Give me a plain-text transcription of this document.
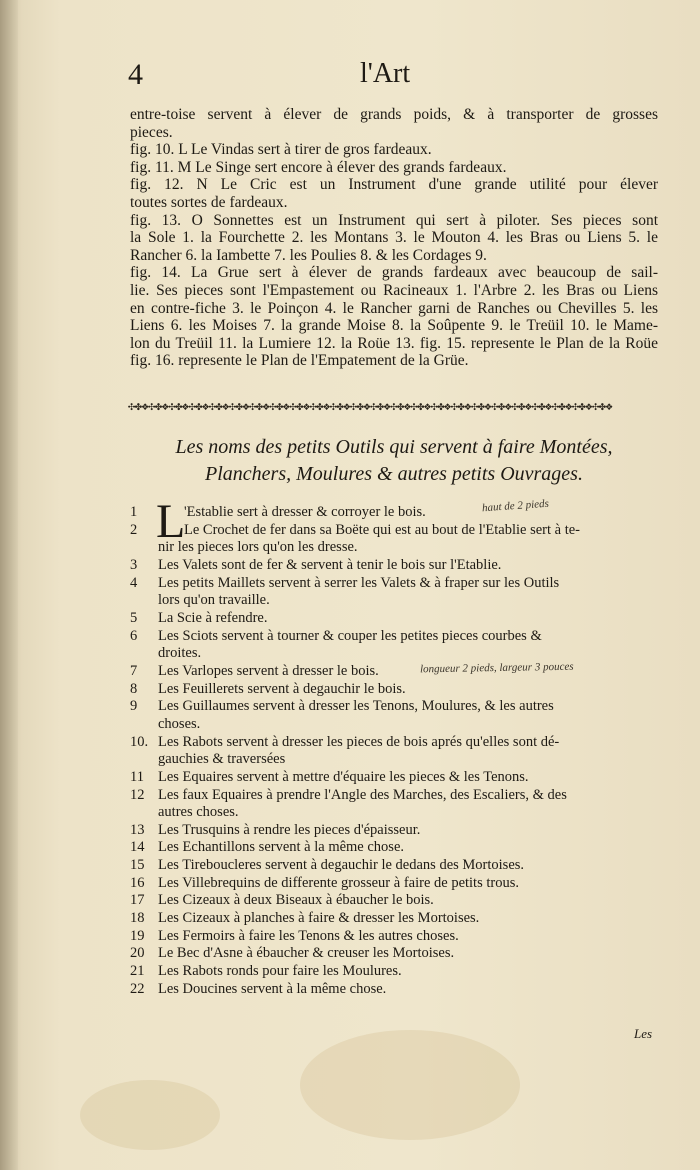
4	l'Art
entre-toise servent à élever de grands poids, & à transporter de grosses
pieces.
fig. 10. L Le Vindas sert à tirer de gros fardeaux.
fig. 11. M Le Singe sert encore à élever des grands fardeaux.
fig. 12. N Le Cric est un Instrument d'une grande utilité pour élever
toutes sortes de fardeaux.
fig. 13. O Sonnettes est un Instrument qui sert à piloter. Ses pieces sont
la Sole 1. la Fourchette 2. les Montans 3. le Mouton 4. les Bras ou Liens 5. le
Rancher 6. la Iambette 7. les Poulies 8. & les Cordages 9.
fig. 14. La Grue sert à élever de grands fardeaux avec beaucoup de sail-
lie. Ses pieces sont l'Empastement ou Racineaux 1. l'Arbre 2. les Bras ou Liens
en contre-fiche 3. le Poinçon 4. le Rancher garni de Ranches ou Chevilles 5. les
Liens 6. les Moises 7. la grande Moise 8. la Soûpente 9. le Treüil 10. le Mame-
lon du Treüil 11. la Lumiere 12. la Roüe 13. fig. 15. represente le Plan de la Roüe
fig. 16. represente le Plan de l'Empatement de la Grüe.
✣✤❖✣✤❖✣✤❖✣✤❖✣✤❖✣✤❖✣✤❖✣✤❖✣✤❖✣✤❖✣✤❖✣✤❖✣✤❖✣✤❖✣✤❖✣✤❖✣✤❖✣✤❖✣✤❖✣✤❖✣✤❖✣✤❖✣✤❖✣✤❖
Les noms des petits Outils qui servent à faire Montées,
Planchers, Moulures & autres petits Ouvrages.
L	haut de 2 pieds
longueur 2 pieds, largeur 3 pouces
1	'Establie sert à dresser & corroyer le bois.
2	Le Crochet de fer dans sa Boëte qui est au bout de l'Etablie sert à te-
nir les pieces lors qu'on les dresse.
3 Les Valets sont de fer & servent à tenir le bois sur l'Etablie.
4 Les petits Maillets servent à serrer les Valets & à fraper sur les Outils
lors qu'on travaille.
5 La Scie à refendre.
6 Les Sciots servent à tourner & couper les petites pieces courbes &
droites.
7 Les Varlopes servent à dresser le bois.
8 Les Feuillerets servent à degauchir le bois.
9 Les Guillaumes servent à dresser les Tenons, Moulures, & les autres
choses.
10. Les Rabots servent à dresser les pieces de bois aprés qu'elles sont dé-
gauchies & traversées
11 Les Equaires servent à mettre d'équaire les pieces & les Tenons.
12 Les faux Equaires à prendre l'Angle des Marches, des Escaliers, & des
autres choses.
13 Les Trusquins à rendre les pieces d'épaisseur.
14 Les Echantillons servent à la même chose.
15 Les Tireboucleres servent à degauchir le dedans des Mortoises.
16 Les Villebrequins de differente grosseur à faire de petits trous.
17 Les Cizeaux à deux Biseaux à ébaucher le bois.
18 Les Cizeaux à planches à faire & dresser les Mortoises.
19 Les Fermoirs à faire les Tenons & les autres choses.
20 Le Bec d'Asne à ébaucher & creuser les Mortoises.
21 Les Rabots ronds pour faire les Moulures.
22 Les Doucines servent à la même chose.
Les
